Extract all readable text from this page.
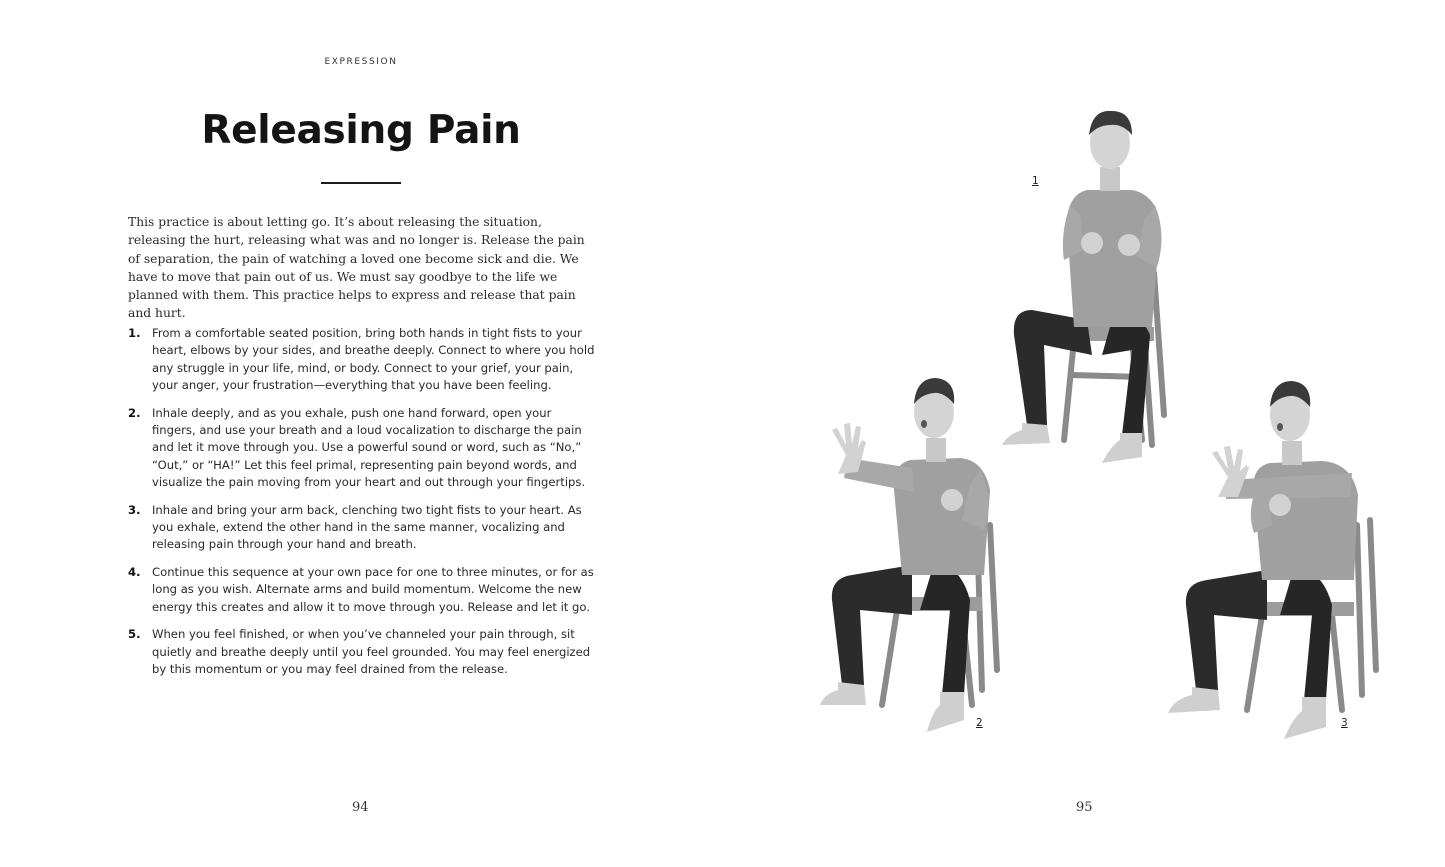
EXPRESSION
Releasing Pain

This practice is about letting go. It’s about releasing the situation, releasing the hurt, releasing what was and no longer is. Release the pain of separation, the pain of watching a loved one become sick and die. We have to move that pain out of us. We must say goodbye to the life we planned with them. This practice helps to express and release that pain and hurt.

1. From a comfortable seated position, bring both hands in tight fists to your heart, elbows by your sides, and breathe deeply. Connect to where you hold any struggle in your life, mind, or body. Connect to your grief, your pain, your anger, your frustration—everything that you have been feeling.
2. Inhale deeply, and as you exhale, push one hand forward, open your fingers, and use your breath and a loud vocalization to discharge the pain and let it move through you. Use a powerful sound or word, such as “No,” “Out,” or “HA!” Let this feel primal, representing pain beyond words, and visualize the pain moving from your heart and out through your fingertips.
3. Inhale and bring your arm back, clenching two tight fists to your heart. As you exhale, extend the other hand in the same manner, vocalizing and releasing pain through your hand and breath.
4. Continue this sequence at your own pace for one to three minutes, or for as long as you wish. Alternate arms and build momentum. Welcome the new energy this creates and allow it to move through you. Release and let it go.
5. When you feel finished, or when you’ve channeled your pain through, sit quietly and breathe deeply until you feel grounded. You may feel energized by this momentum or you may feel drained from the release.
94
1
2	3
95
